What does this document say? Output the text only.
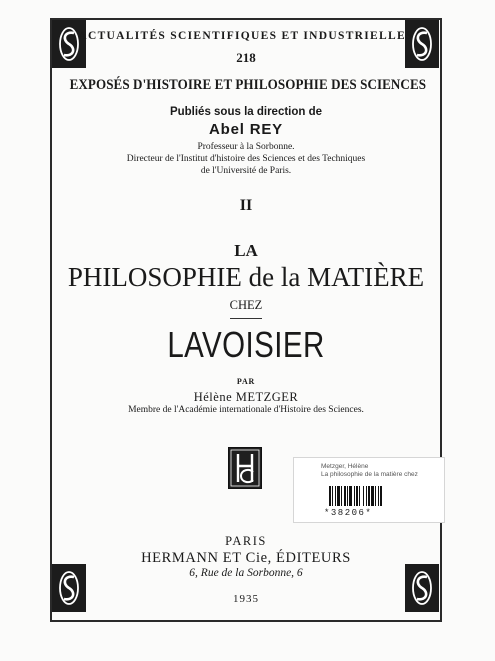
ACTUALITÉS SCIENTIFIQUES ET INDUSTRIELLES
218
EXPOSÉS D'HISTOIRE ET PHILOSOPHIE DES SCIENCES
Publiés sous la direction de
Abel REY
Professeur à la Sorbonne.
Directeur de l'Institut d'histoire des Sciences et des Techniques
de l'Université de Paris.
II
LA
PHILOSOPHIE de la MATIÈRE
CHEZ
LAVOISIER
PAR
Hélène METZGER
Membre de l'Académie internationale d'Histoire des Sciences.
Metzger, Hélène
La philosophie de la matière chez
*38206*
PARIS
HERMANN ET Cie, ÉDITEURS
6, Rue de la Sorbonne, 6
1935
